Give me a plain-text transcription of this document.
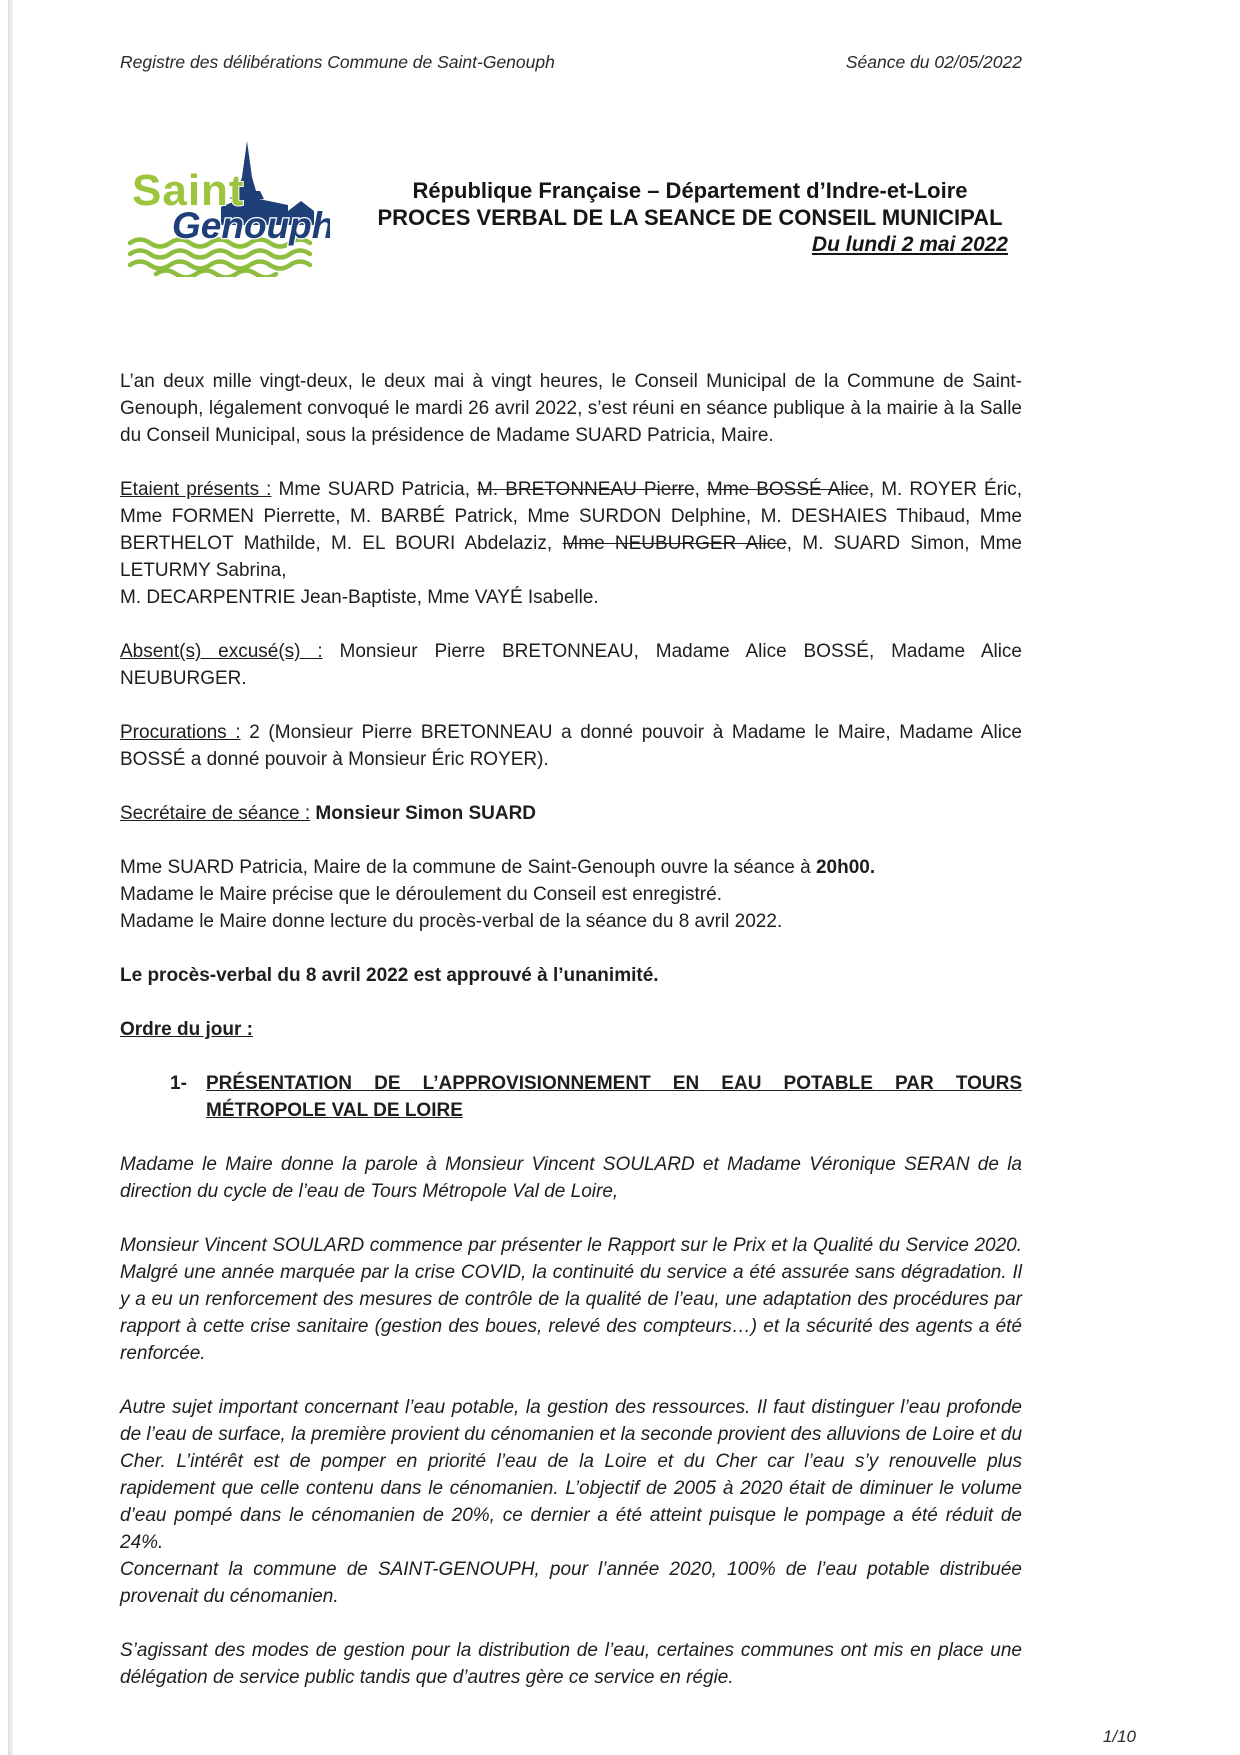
Registre des délibérations Commune de Saint-Genouph	Séance du 02/05/2022
Saint
Genouph
République Française – Département d’Indre-et-Loire
PROCES VERBAL DE LA SEANCE DE CONSEIL MUNICIPAL
Du lundi 2 mai 2022
L’an deux mille vingt-deux, le deux mai à vingt heures, le Conseil Municipal de la Commune de Saint-Genouph, légalement convoqué le mardi 26 avril 2022, s’est réuni en séance publique à la mairie à la Salle du Conseil Municipal, sous la présidence de Madame SUARD Patricia, Maire.
Etaient présents : Mme SUARD Patricia, M. BRETONNEAU Pierre, Mme BOSSÉ Alice, M. ROYER Éric, Mme FORMEN Pierrette, M. BARBÉ Patrick, Mme SURDON Delphine, M. DESHAIES Thibaud, Mme BERTHELOT Mathilde, M. EL BOURI Abdelaziz, Mme NEUBURGER Alice, M. SUARD Simon, Mme LETURMY Sabrina,
M. DECARPENTRIE Jean-Baptiste, Mme VAYÉ Isabelle.
Absent(s) excusé(s) : Monsieur Pierre BRETONNEAU, Madame Alice BOSSÉ, Madame Alice NEUBURGER.
Procurations : 2 (Monsieur Pierre BRETONNEAU a donné pouvoir à Madame le Maire, Madame Alice BOSSÉ a donné pouvoir à Monsieur Éric ROYER).
Secrétaire de séance : Monsieur Simon SUARD
Mme SUARD Patricia, Maire de la commune de Saint-Genouph ouvre la séance à 20h00.
Madame le Maire précise que le déroulement du Conseil est enregistré.
Madame le Maire donne lecture du procès-verbal de la séance du 8 avril 2022.
Le procès-verbal du 8 avril 2022 est approuvé à l’unanimité.
Ordre du jour :
1-	PRÉSENTATION DE L’APPROVISIONNEMENT EN EAU POTABLE PAR TOURS MÉTROPOLE VAL DE LOIRE
Madame le Maire donne la parole à Monsieur Vincent SOULARD et Madame Véronique SERAN de la direction du cycle de l’eau de Tours Métropole Val de Loire,
Monsieur Vincent SOULARD commence par présenter le Rapport sur le Prix et la Qualité du Service 2020. Malgré une année marquée par la crise COVID, la continuité du service a été assurée sans dégradation. Il y a eu un renforcement des mesures de contrôle de la qualité de l’eau, une adaptation des procédures par rapport à cette crise sanitaire (gestion des boues, relevé des compteurs…) et la sécurité des agents a été renforcée.
Autre sujet important concernant l’eau potable, la gestion des ressources. Il faut distinguer l’eau profonde de l’eau de surface, la première provient du cénomanien et la seconde provient des alluvions de Loire et du Cher. L’intérêt est de pomper en priorité l’eau de la Loire et du Cher car l’eau s’y renouvelle plus rapidement que celle contenu dans le cénomanien. L’objectif de 2005 à 2020 était de diminuer le volume d’eau pompé dans le cénomanien de 20%, ce dernier a été atteint puisque le pompage a été réduit de 24%.
Concernant la commune de SAINT-GENOUPH, pour l’année 2020, 100% de l’eau potable distribuée provenait du cénomanien.
S’agissant des modes de gestion pour la distribution de l’eau, certaines communes ont mis en place une délégation de service public tandis que d’autres gère ce service en régie.
1/10
